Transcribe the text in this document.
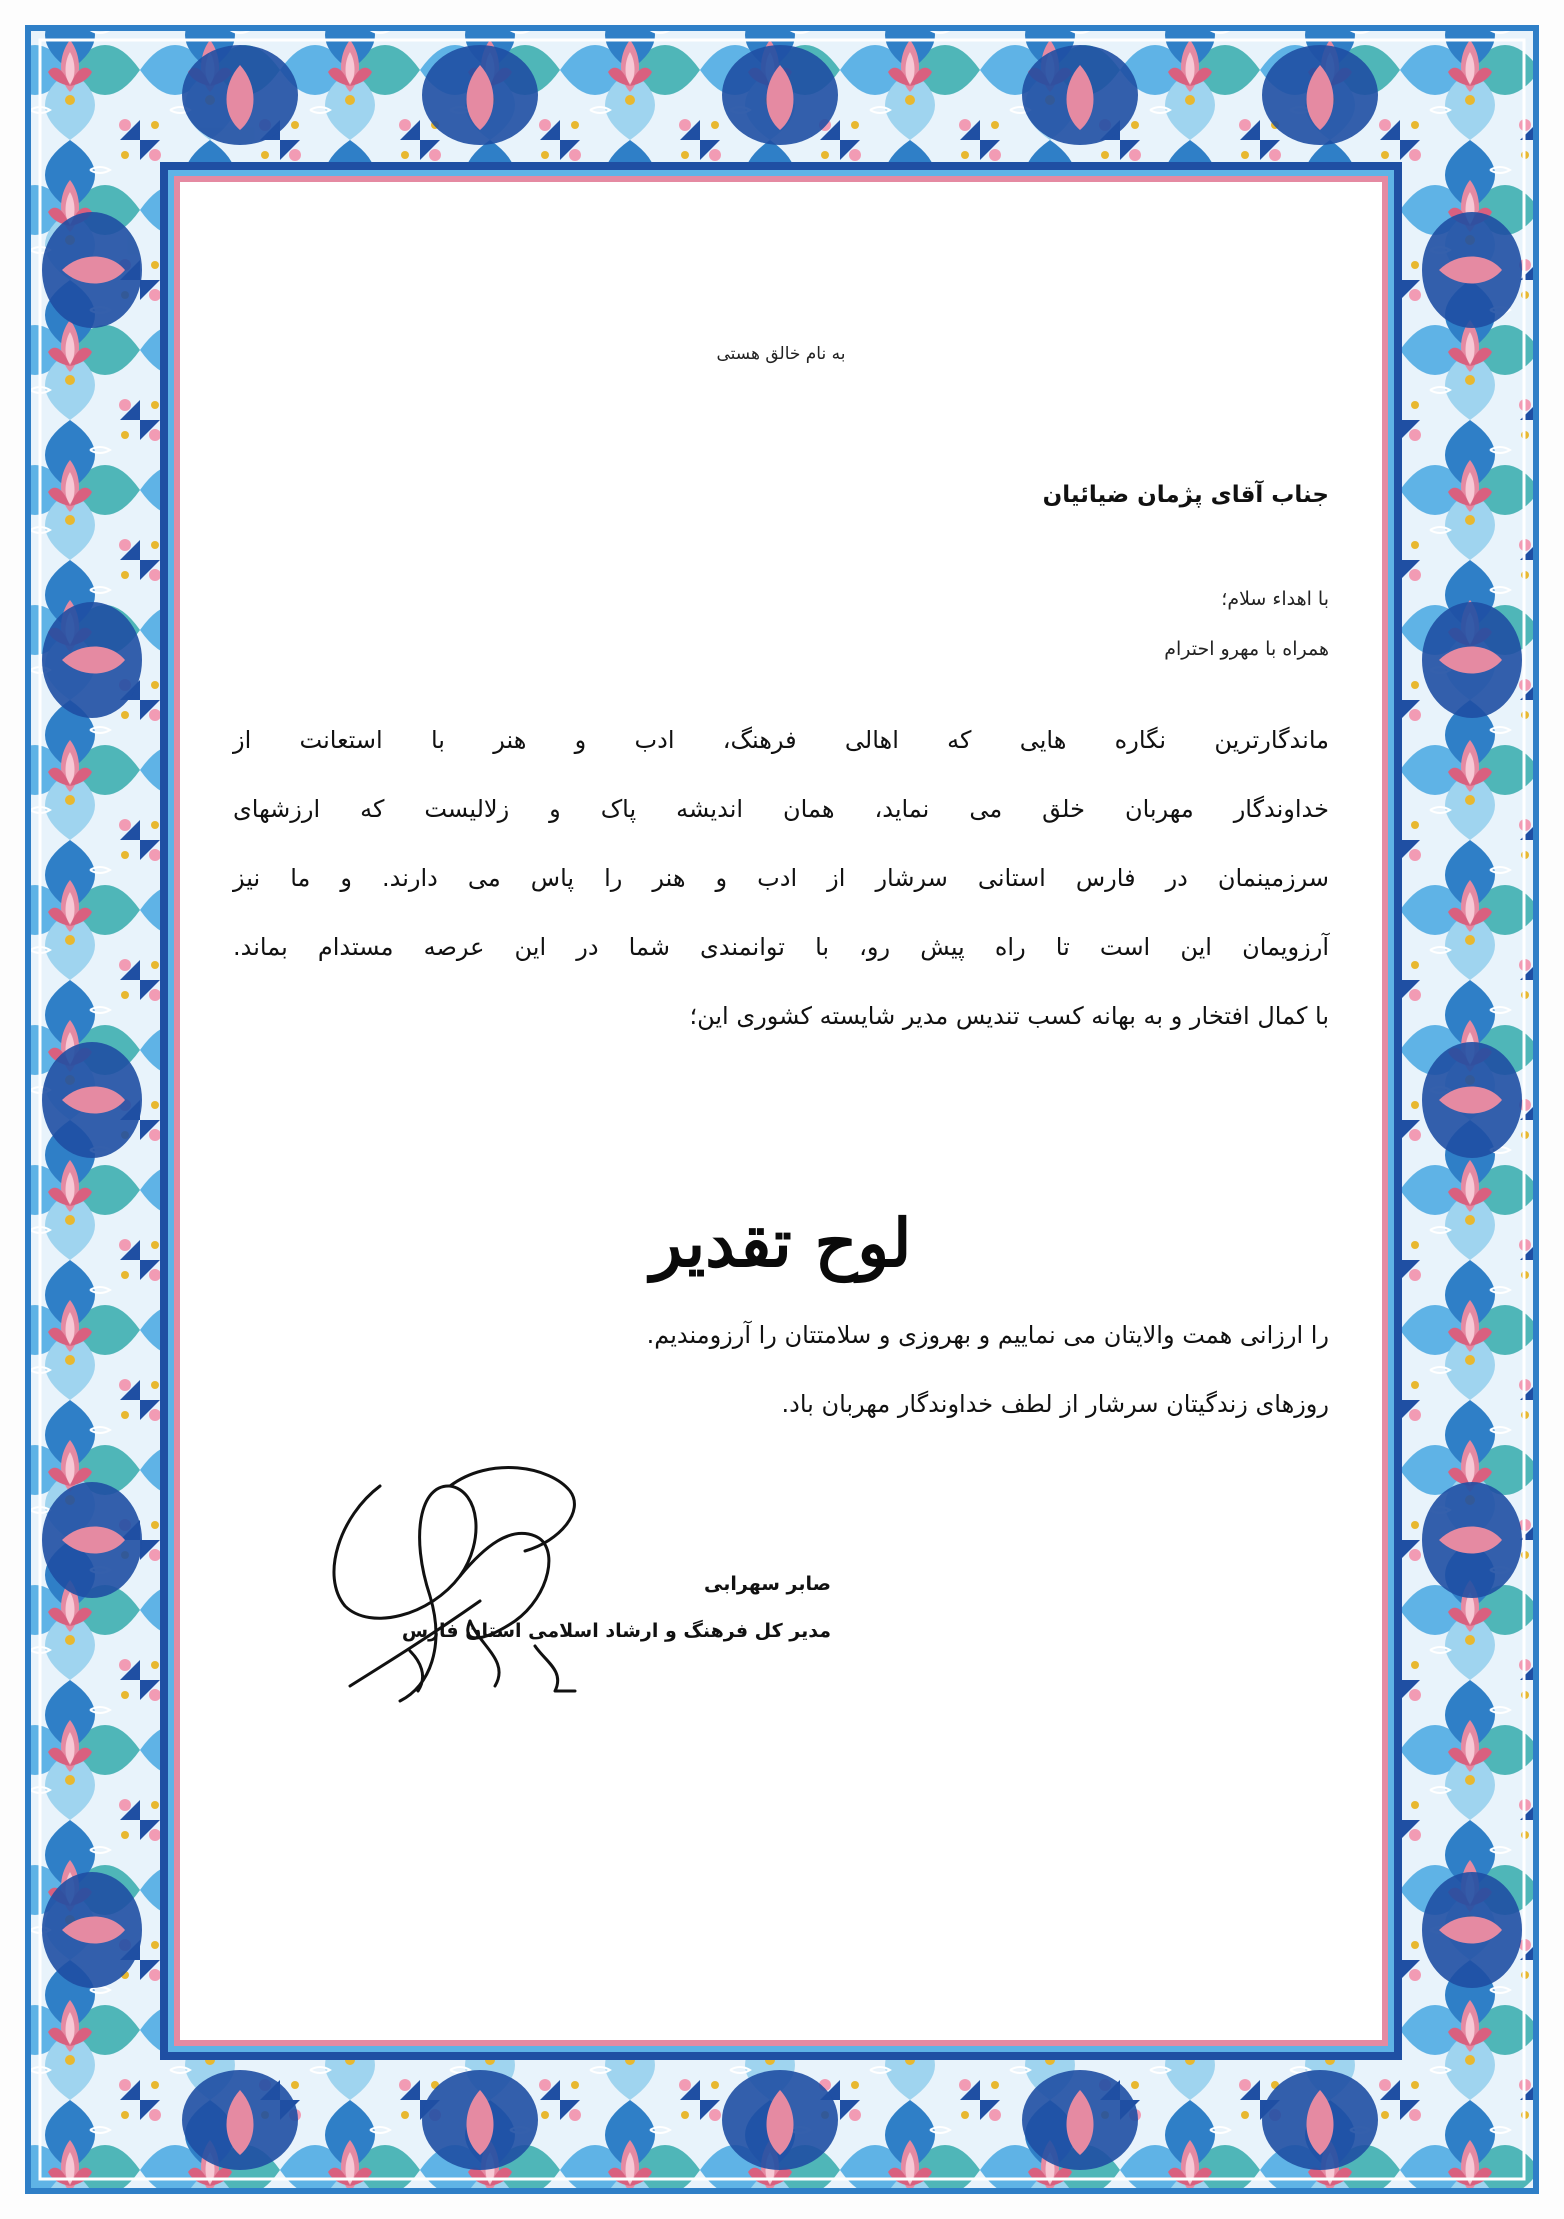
به نام خالق هستی
جناب آقای پژمان ضیائیان
با اهداء سلام؛
همراه با مهرو احترام
ماندگارترین نگاره هایی که اهالی فرهنگ، ادب و هنر با استعانت از
خداوندگار مهربان خلق می نماید، همان اندیشه پاک و زلالیست که ارزشهای
سرزمینمان در فارس استانی سرشار از ادب و هنر را پاس می دارند. و ما نیز
آرزویمان این است تا راه پیش رو، با توانمندی شما در این عرصه مستدام بماند.
با کمال افتخار و به بهانه کسب تندیس مدیر شایسته کشوری این؛
لوح تقدیر
را ارزانی همت والایتان می نماییم و بهروزی و سلامتتان را آرزومندیم.
روزهای زندگیتان سرشار از لطف خداوندگار مهربان باد.
صابر سهرابی
مدیر کل فرهنگ و ارشاد اسلامی استان فارس
